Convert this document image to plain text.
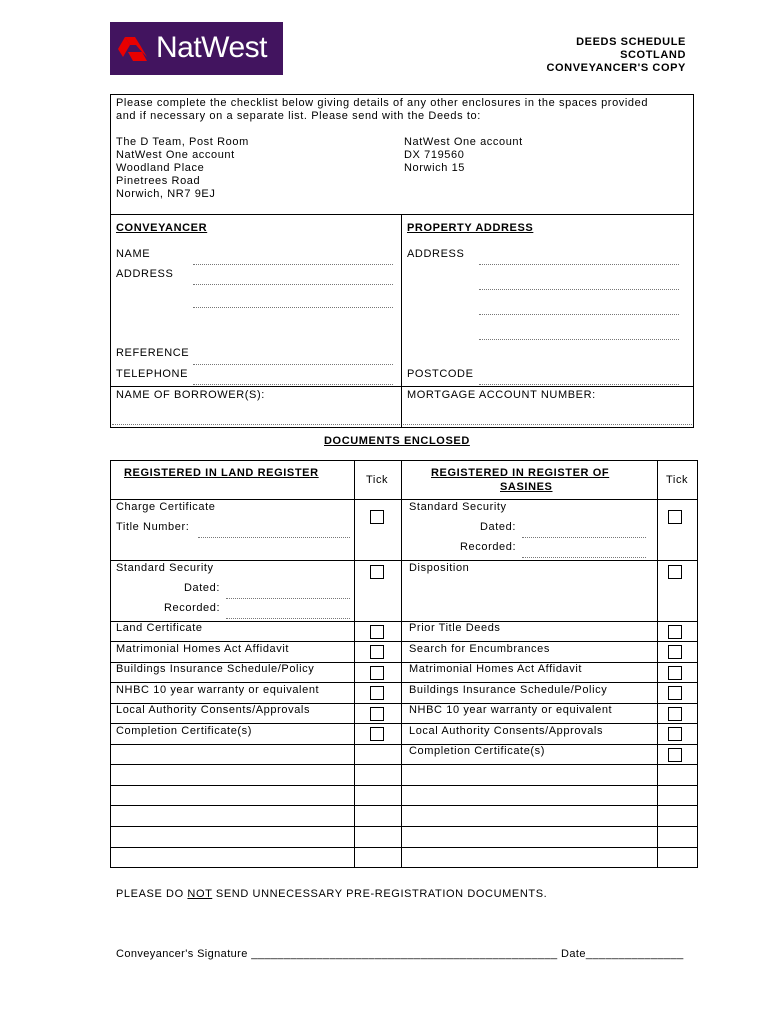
NatWest	DEEDS SCHEDULE
SCOTLAND
CONVEYANCER'S COPY
Please complete the checklist below giving details of any other enclosures in the spaces provided
and if necessary on a separate list. Please send with the Deeds to:
The D Team, Post Room
NatWest One account
Woodland Place
Pinetrees Road
Norwich, NR7 9EJ
NatWest One account
DX 719560
Norwich 15
CONVEYANCER
NAME
ADDRESS
REFERENCE
TELEPHONE
NAME OF BORROWER(S):
PROPERTY ADDRESS
ADDRESS
POSTCODE
MORTGAGE ACCOUNT NUMBER:
DOCUMENTS ENCLOSED
REGISTERED IN LAND REGISTER
Tick
REGISTERED IN REGISTER OF
SASINES
Tick
Charge Certificate
Title Number:
Standard Security
Dated:
Recorded:
Land Certificate
Matrimonial Homes Act Affidavit
Buildings Insurance Schedule/Policy
NHBC 10 year warranty or equivalent
Local Authority Consents/Approvals
Completion Certificate(s)
Standard Security
Dated:
Recorded:
Disposition
Prior Title Deeds
Search for Encumbrances
Matrimonial Homes Act Affidavit
Buildings Insurance Schedule/Policy
NHBC 10 year warranty or equivalent
Local Authority Consents/Approvals
Completion Certificate(s)
PLEASE DO NOT SEND UNNECESSARY PRE-REGISTRATION DOCUMENTS.
Conveyancer's Signature _______________________________________________ Date_______________
